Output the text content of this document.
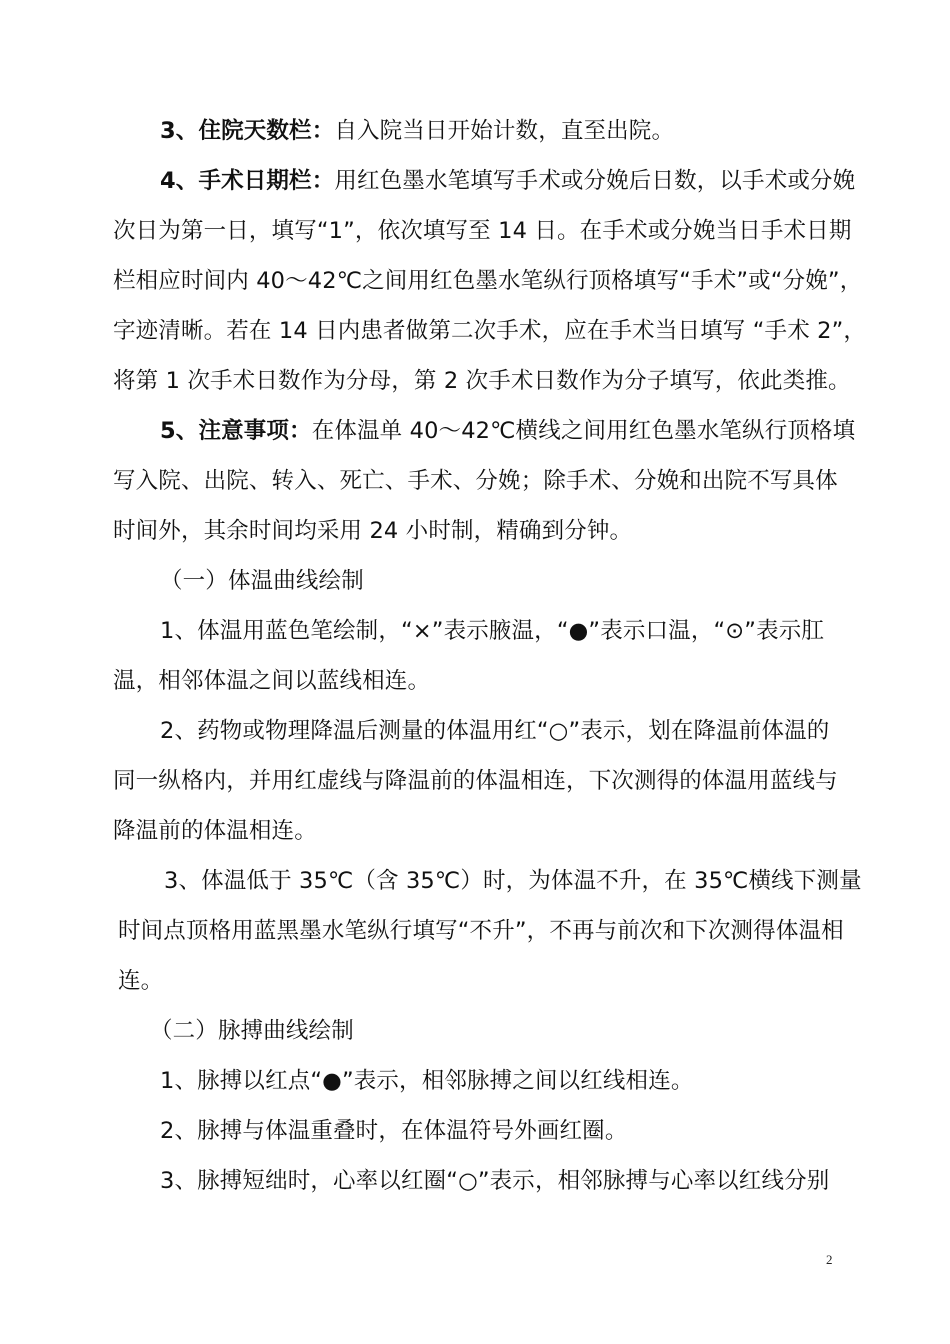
3、住院天数栏：自入院当日开始计数，直至出院。
4、手术日期栏：用红色墨水笔填写手术或分娩后日数，以手术或分娩
次日为第一日，填写“1”，依次填写至 14 日。在手术或分娩当日手术日期
栏相应时间内 40～42℃之间用红色墨水笔纵行顶格填写“手术”或“分娩”，
字迹清晰。若在 14 日内患者做第二次手术，应在手术当日填写 “手术 2”，
将第 1 次手术日数作为分母，第 2 次手术日数作为分子填写，依此类推。
5、注意事项：在体温单 40～42℃横线之间用红色墨水笔纵行顶格填
写入院、出院、转入、死亡、手术、分娩；除手术、分娩和出院不写具体
时间外，其余时间均采用 24 小时制，精确到分钟。
（一）体温曲线绘制
1、体温用蓝色笔绘制，“×”表示腋温，“●”表示口温，“⊙”表示肛
温，相邻体温之间以蓝线相连。
2、药物或物理降温后测量的体温用红“○”表示，划在降温前体温的
同一纵格内，并用红虚线与降温前的体温相连，下次测得的体温用蓝线与
降温前的体温相连。
3、体温低于 35℃（含 35℃）时，为体温不升，在 35℃横线下测量
时间点顶格用蓝黑墨水笔纵行填写“不升”，不再与前次和下次测得体温相
连。
（二）脉搏曲线绘制
1、脉搏以红点“●”表示，相邻脉搏之间以红线相连。
2、脉搏与体温重叠时，在体温符号外画红圈。
3、脉搏短绌时，心率以红圈“○”表示，相邻脉搏与心率以红线分别
2
